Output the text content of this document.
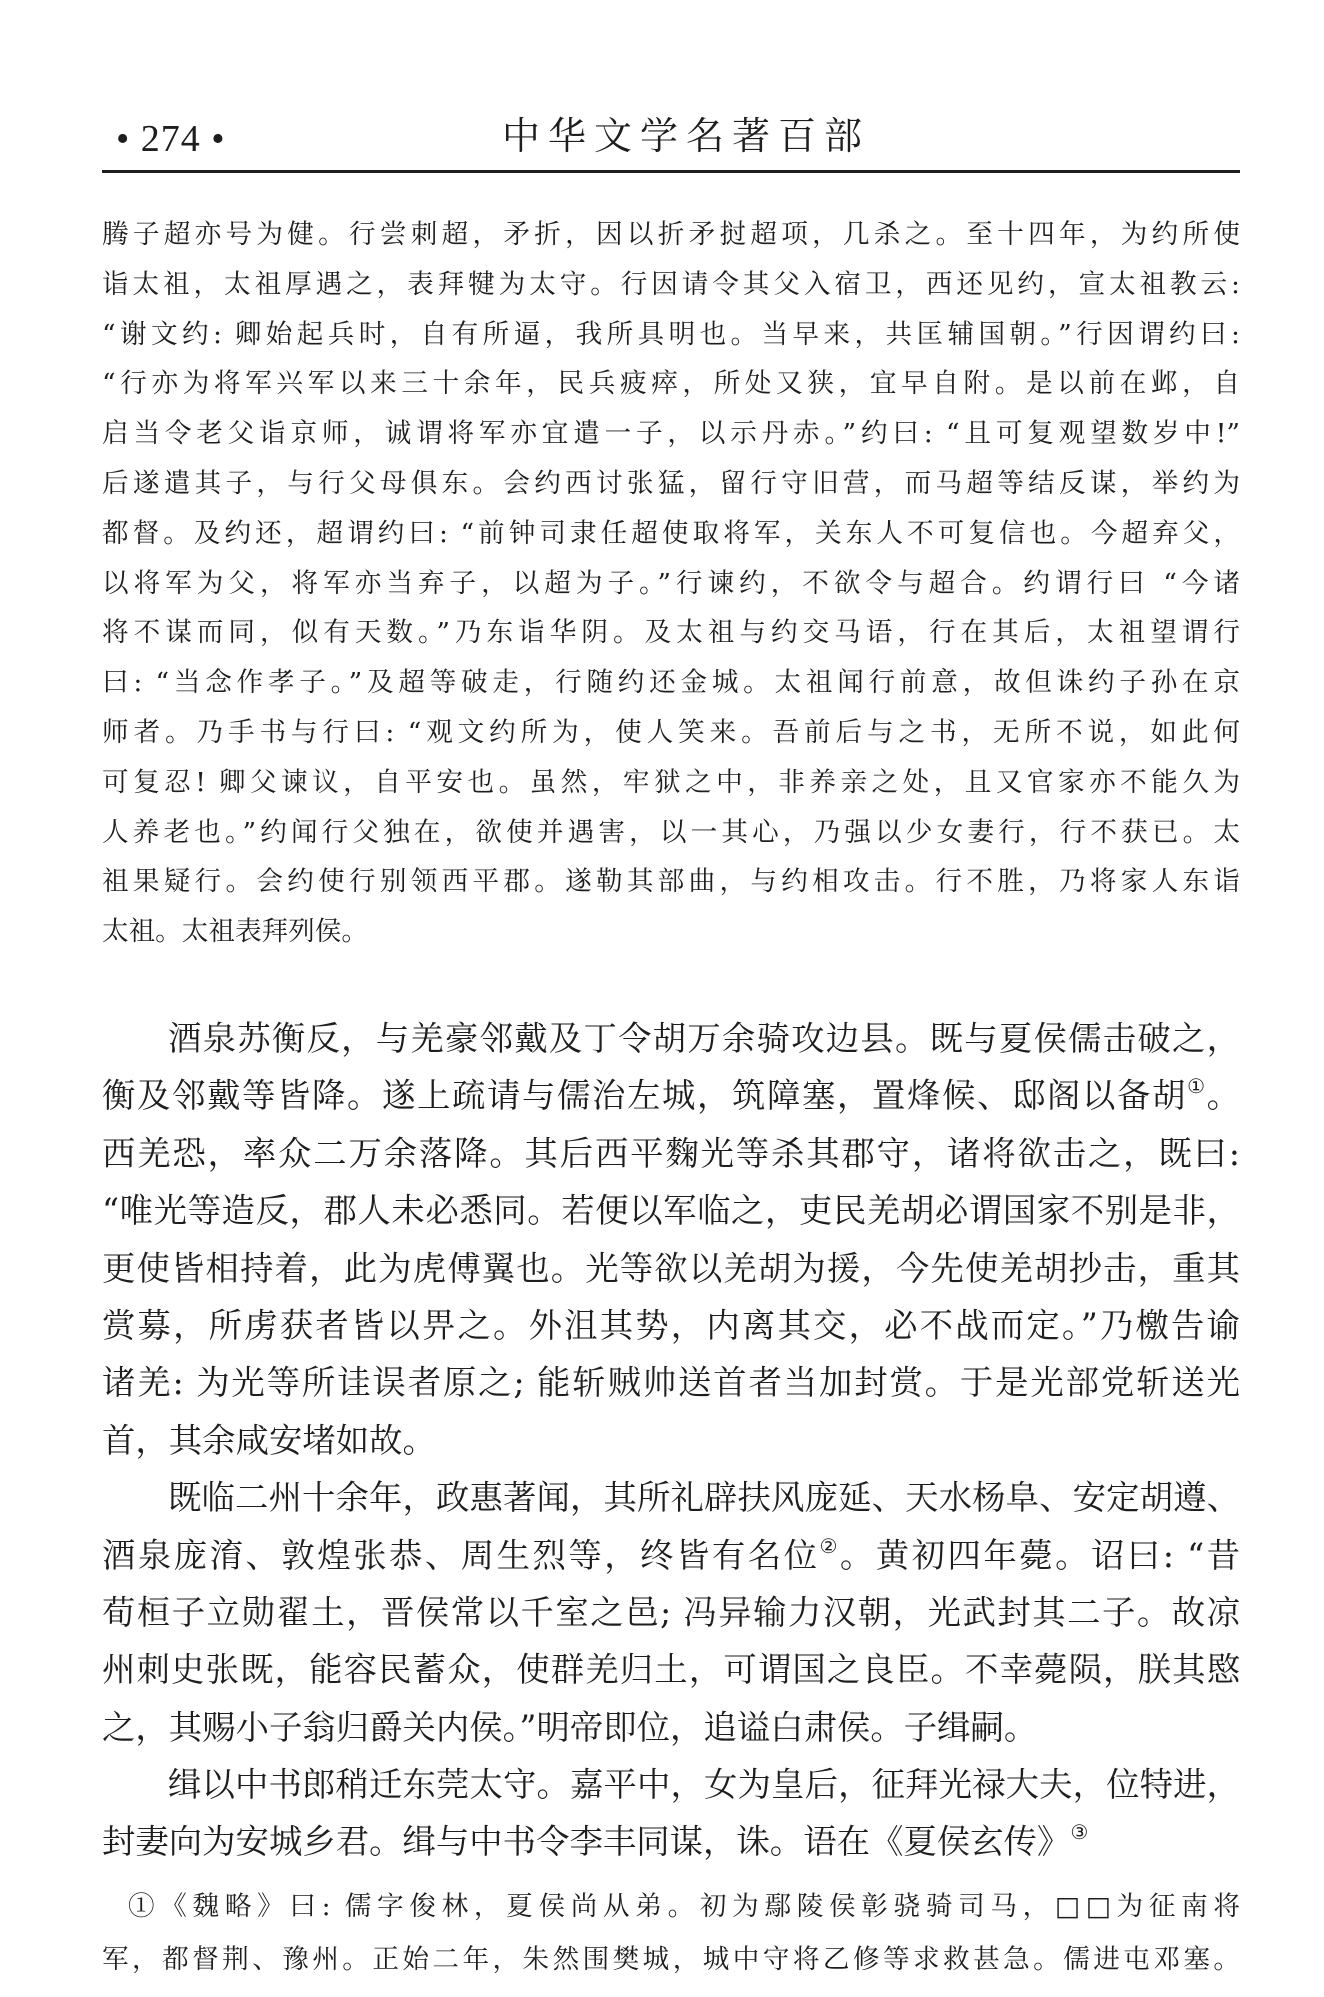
• 274 •	中华文学名著百部
腾子超亦号为健。行尝刺超，矛折，因以折矛挝超项，几杀之。至十四年，为约所使
诣太祖，太祖厚遇之，表拜犍为太守。行因请令其父入宿卫，西还见约，宣太祖教云:
“谢文约: 卿始起兵时，自有所逼，我所具明也。当早来，共匡辅国朝。”行因谓约曰:
“行亦为将军兴军以来三十余年，民兵疲瘁，所处又狭，宜早自附。是以前在邺，自
启当令老父诣京师，诚谓将军亦宜遣一子，以示丹赤。”约曰: “且可复观望数岁中!”
后遂遣其子，与行父母俱东。会约西讨张猛，留行守旧营，而马超等结反谋，举约为
都督。及约还，超谓约曰: “前钟司隶任超使取将军，关东人不可复信也。今超弃父，
以将军为父，将军亦当弃子，以超为子。”行谏约，不欲令与超合。约谓行曰 “今诸
将不谋而同，似有天数。”乃东诣华阴。及太祖与约交马语，行在其后，太祖望谓行
曰: “当念作孝子。”及超等破走，行随约还金城。太祖闻行前意，故但诛约子孙在京
师者。乃手书与行曰: “观文约所为，使人笑来。吾前后与之书，无所不说，如此何
可复忍! 卿父谏议，自平安也。虽然，牢狱之中，非养亲之处，且又官家亦不能久为
人养老也。”约闻行父独在，欲使并遇害，以一其心，乃强以少女妻行，行不获已。太
祖果疑行。会约使行别领西平郡。遂勒其部曲，与约相攻击。行不胜，乃将家人东诣
太祖。太祖表拜列侯。
酒泉苏衡反，与羌豪邻戴及丁令胡万余骑攻边县。既与夏侯儒击破之，
衡及邻戴等皆降。遂上疏请与儒治左城，筑障塞，置烽候、邸阁以备胡①。
西羌恐，率众二万余落降。其后西平麴光等杀其郡守，诸将欲击之，既曰:
“唯光等造反，郡人未必悉同。若便以军临之，吏民羌胡必谓国家不别是非，
更使皆相持着，此为虎傅翼也。光等欲以羌胡为援，今先使羌胡抄击，重其
赏募，所虏获者皆以畀之。外沮其势，内离其交，必不战而定。”乃檄告谕
诸羌: 为光等所诖误者原之; 能斩贼帅送首者当加封赏。于是光部党斩送光
首，其余咸安堵如故。
既临二州十余年，政惠著闻，其所礼辟扶风庞延、天水杨阜、安定胡遵、
酒泉庞淯、敦煌张恭、周生烈等，终皆有名位②。黄初四年薨。诏曰: “昔
荀桓子立勋翟土，晋侯常以千室之邑; 冯异输力汉朝，光武封其二子。故凉
州刺史张既，能容民蓄众，使群羌归土，可谓国之良臣。不幸薨陨，朕其愍
之，其赐小子翁归爵关内侯。”明帝即位，追谥白肃侯。子缉嗣。
缉以中书郎稍迁东莞太守。嘉平中，女为皇后，征拜光禄大夫，位特进，
封妻向为安城乡君。缉与中书令李丰同谋，诛。语在《夏侯玄传》③
①《魏略》曰: 儒字俊林，夏侯尚从弟。初为鄢陵侯彰骁骑司马，□□为征南将
军，都督荆、豫州。正始二年，朱然围樊城，城中守将乙修等求救甚急。儒进屯邓塞。
